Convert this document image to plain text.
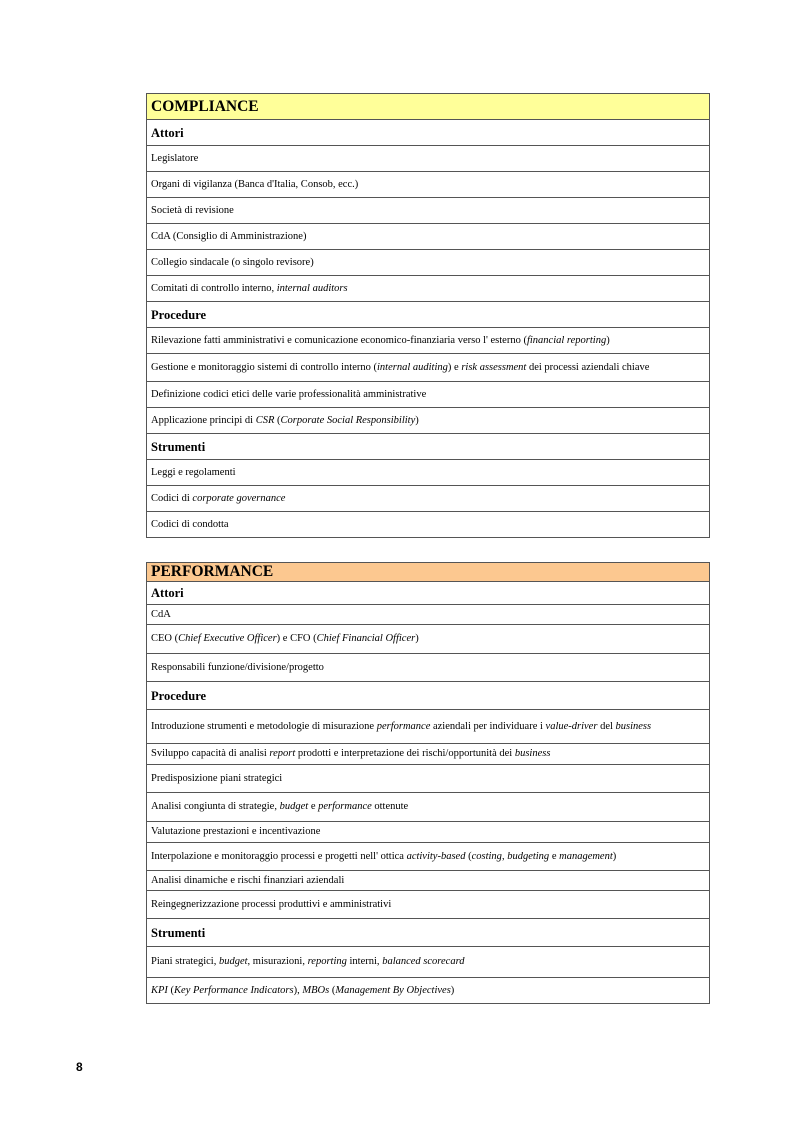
COMPLIANCE
Attori
Legislatore
Organi di vigilanza (Banca d'Italia, Consob, ecc.)
Società di revisione
CdA (Consiglio di Amministrazione)
Collegio sindacale (o singolo revisore)
Comitati di controllo interno, internal auditors
Procedure
Rilevazione fatti amministrativi e comunicazione economico-finanziaria verso l' esterno (financial reporting)
Gestione e monitoraggio sistemi di controllo interno (internal auditing) e risk assessment dei processi aziendali chiave
Definizione codici etici delle varie professionalità amministrative
Applicazione principi di CSR (Corporate Social Responsibility)
Strumenti
Leggi e regolamenti
Codici di corporate governance
Codici di condotta
PERFORMANCE
Attori
CdA
CEO (Chief Executive Officer) e CFO (Chief Financial Officer)
Responsabili funzione/divisione/progetto
Procedure
Introduzione strumenti e metodologie di misurazione performance aziendali per individuare i value-driver del business
Sviluppo capacità di analisi report prodotti e interpretazione dei rischi/opportunità dei business
Predisposizione piani strategici
Analisi congiunta di strategie, budget e performance ottenute
Valutazione prestazioni e incentivazione
Interpolazione e monitoraggio processi e progetti nell' ottica activity-based (costing, budgeting e management)
Analisi dinamiche e rischi finanziari aziendali
Reingegnerizzazione processi produttivi e amministrativi
Strumenti
Piani strategici, budget, misurazioni, reporting interni, balanced scorecard
KPI (Key Performance Indicators), MBOs (Management By Objectives)
8
